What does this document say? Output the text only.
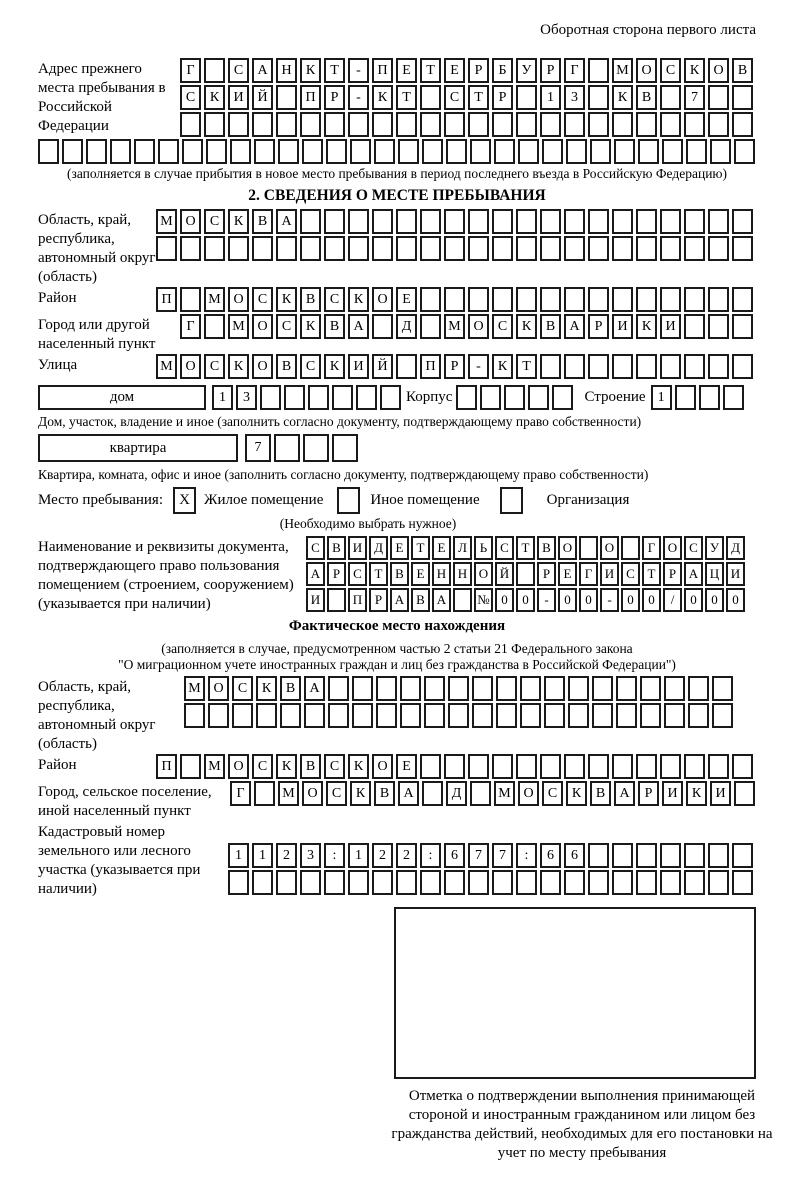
Оборотная сторона первого листа
Адрес прежнего места пребывания в Российской Федерации
Г	С	А Н	К	Т	-	П	Е	Т	Е	Р	Б	У	Р	Г	М О	С	К	О	В
С	К	И Й	П	Р	-	К	Т	С	Т	Р	1	3	К	В	7
(заполняется в случае прибытия в новое место пребывания в период последнего въезда в Российскую Федерацию)
2. СВЕДЕНИЯ О МЕСТЕ ПРЕБЫВАНИЯ
Область, край, республика, автономный округ (область)
М О	С	К	В	А
Район	П	М О	С	К	В	С	К	О	Е
Город или другой населенный пункт
Г	М О	С	К	В	А	Д	М О	С	К	В	А	Р	И	К	И
Улица	М О	С	К	О	В	С	К	И Й	П	Р	-	К	Т
дом	1	3	Корпус	Строение 1
Дом, участок, владение и иное (заполнить согласно документу, подтверждающему право собственности)
квартира	7
Квартира, комната, офис и иное (заполнить согласно документу, подтверждающему право собственности)
Место пребывания:	X Жилое помещение	Иное помещение	Организация
(Необходимо выбрать нужное)
Наименование и реквизиты документа, подтверждающего право пользования помещением (строением, сооружением) (указывается при наличии)
С В И Д Е	Т	Е Л Ь С Т В О	О	Г О С У Д
А Р	С Т В Е Н Н О Й	Р	Е	Г И С Т	Р А Ц И
И	П Р А В А	№ 0	0	-	0	0	-	0	0	/	0	0	0
Фактическое место нахождения
(заполняется в случае, предусмотренном частью 2 статьи 21 Федерального закона
"О миграционном учете иностранных граждан и лиц без гражданства в Российской Федерации")
Область, край, республика, автономный округ (область)
М О	С	К	В	А
Район	П	М О	С	К	В	С	К	О	Е
Город, сельское поселение, иной населенный пункт
Г	М О	С	К	В	А	Д	М О	С	К	В	А	Р	И	К	И
Кадастровый номер земельного или лесного участка (указывается при наличии)
1	1	2	3	:	1	2	2	:	6	7	7	:	6	6
Отметка о подтверждении выполнения принимающей стороной и иностранным гражданином или лицом без гражданства действий, необходимых для его постановки на учет по месту пребывания
